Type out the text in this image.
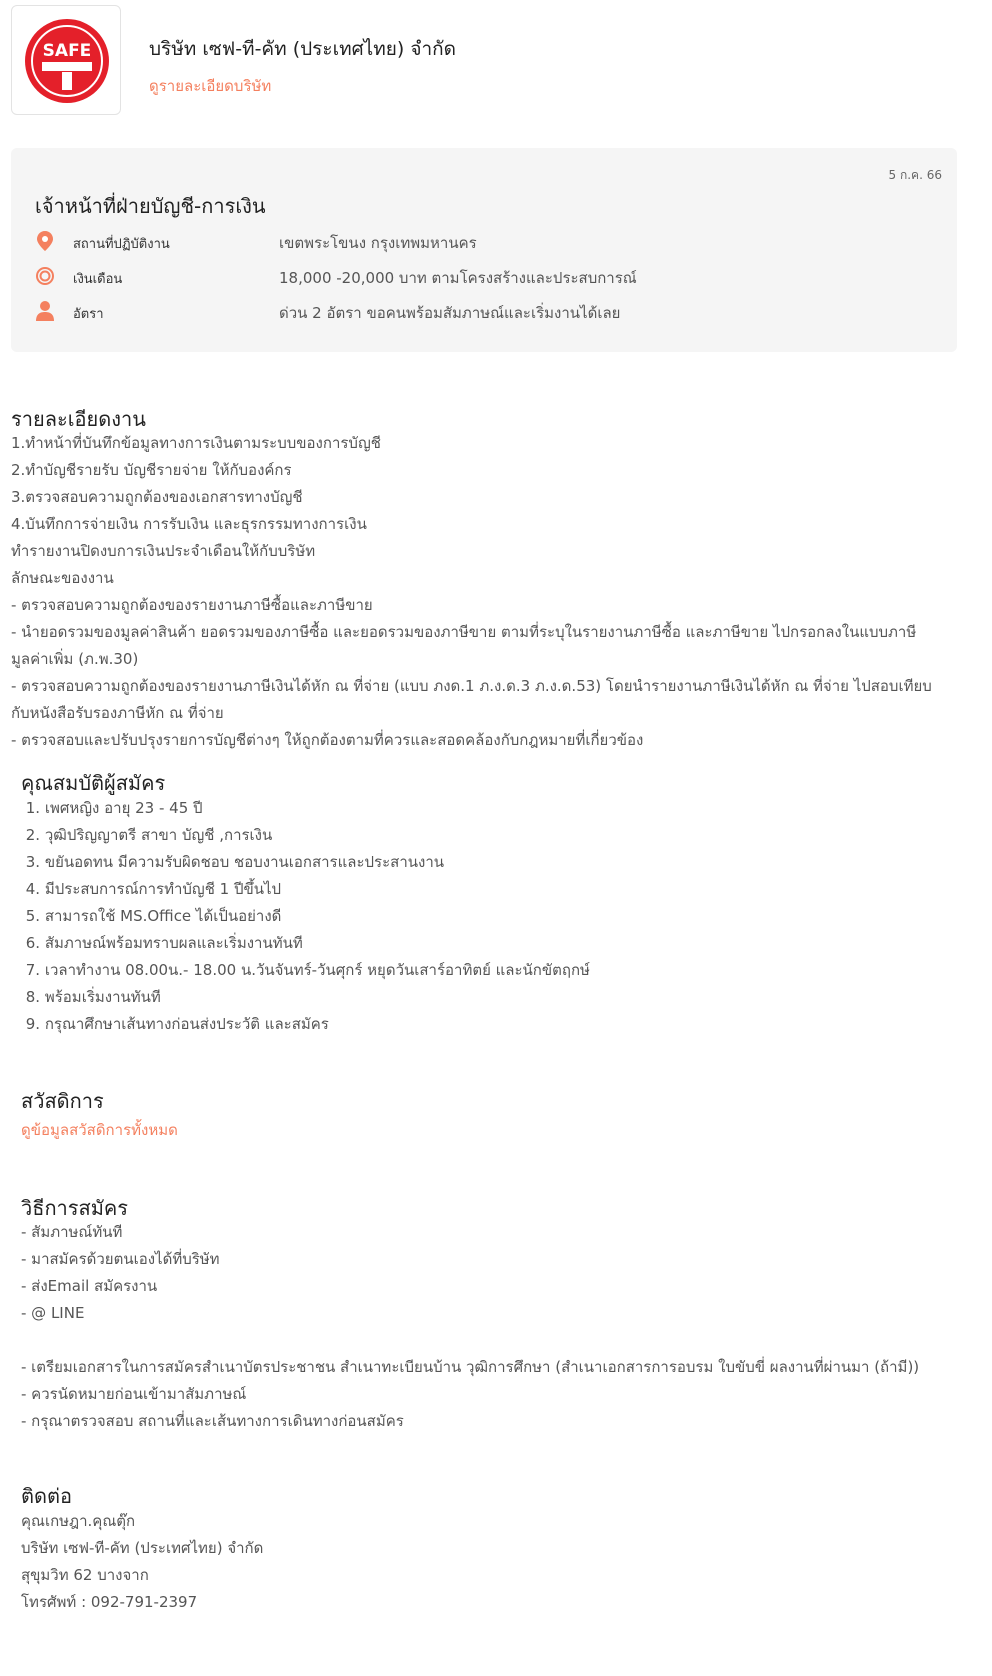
SAFE	บริษัท เซฟ-ที-คัท (ประเทศไทย) จำกัด
ดูรายละเอียดบริษัท
5 ก.ค. 66
เจ้าหน้าที่ฝ่ายบัญชี-การเงิน
สถานที่ปฏิบัติงาน	เขตพระโขนง กรุงเทพมหานคร
เงินเดือน	18,000 -20,000 บาท ตามโครงสร้างและประสบการณ์
อัตรา	ด่วน 2 อัตรา ขอคนพร้อมสัมภาษณ์และเริ่มงานได้เลย
รายละเอียดงาน
1.ทำหน้าที่บันทึกข้อมูลทางการเงินตามระบบของการบัญชี
2.ทำบัญชีรายรับ บัญชีรายจ่าย ให้กับองค์กร
3.ตรวจสอบความถูกต้องของเอกสารทางบัญชี
4.บันทึกการจ่ายเงิน การรับเงิน และธุรกรรมทางการเงิน
ทำรายงานปิดงบการเงินประจำเดือนให้กับบริษัท
ลักษณะของงาน
- ตรวจสอบความถูกต้องของรายงานภาษีซื้อและภาษีขาย
- นำยอดรวมของมูลค่าสินค้า ยอดรวมของภาษีซื้อ และยอดรวมของภาษีขาย ตามที่ระบุในรายงานภาษีซื้อ และภาษีขาย ไปกรอกลงในแบบภาษี
มูลค่าเพิ่ม (ภ.พ.30)
- ตรวจสอบความถูกต้องของรายงานภาษีเงินได้หัก ณ ที่จ่าย (แบบ ภงด.1 ภ.ง.ด.3 ภ.ง.ด.53) โดยนำรายงานภาษีเงินได้หัก ณ ที่จ่าย ไปสอบเทียบ
กับหนังสือรับรองภาษีหัก ณ ที่จ่าย
- ตรวจสอบและปรับปรุงรายการบัญชีต่างๆ ให้ถูกต้องตามที่ควรและสอดคล้องกับกฎหมายที่เกี่ยวข้อง
คุณสมบัติผู้สมัคร
1. เพศหญิง อายุ 23 - 45 ปี
2. วุฒิปริญญาตรี สาขา บัญชี ,การเงิน
3. ขยันอดทน มีความรับผิดชอบ ชอบงานเอกสารและประสานงาน
4. มีประสบการณ์การทำบัญชี 1 ปีขึ้นไป
5. สามารถใช้ MS.Office ได้เป็นอย่างดี
6. สัมภาษณ์พร้อมทราบผลและเริ่มงานทันที
7. เวลาทำงาน 08.00น.- 18.00 น.วันจันทร์-วันศุกร์ หยุดวันเสาร์อาทิตย์ และนักขัตฤกษ์
8. พร้อมเริ่มงานทันที
9. กรุณาศึกษาเส้นทางก่อนส่งประวัติ และสมัคร
สวัสดิการ
ดูข้อมูลสวัสดิการทั้งหมด
วิธีการสมัคร
- สัมภาษณ์ทันที
- มาสมัครด้วยตนเองได้ที่บริษัท
- ส่งEmail สมัครงาน
- @ LINE
- เตรียมเอกสารในการสมัครสำเนาบัตรประชาชน สำเนาทะเบียนบ้าน วุฒิการศึกษา (สำเนาเอกสารการอบรม ใบขับขี่ ผลงานที่ผ่านมา (ถ้ามี))
- ควรนัดหมายก่อนเข้ามาสัมภาษณ์
- กรุณาตรวจสอบ สถานที่และเส้นทางการเดินทางก่อนสมัคร
ติดต่อ
คุณเกษฎา.คุณตุ๊ก
บริษัท เซฟ-ที-คัท (ประเทศไทย) จำกัด
สุขุมวิท 62 บางจาก
โทรศัพท์ : 092-791-2397
